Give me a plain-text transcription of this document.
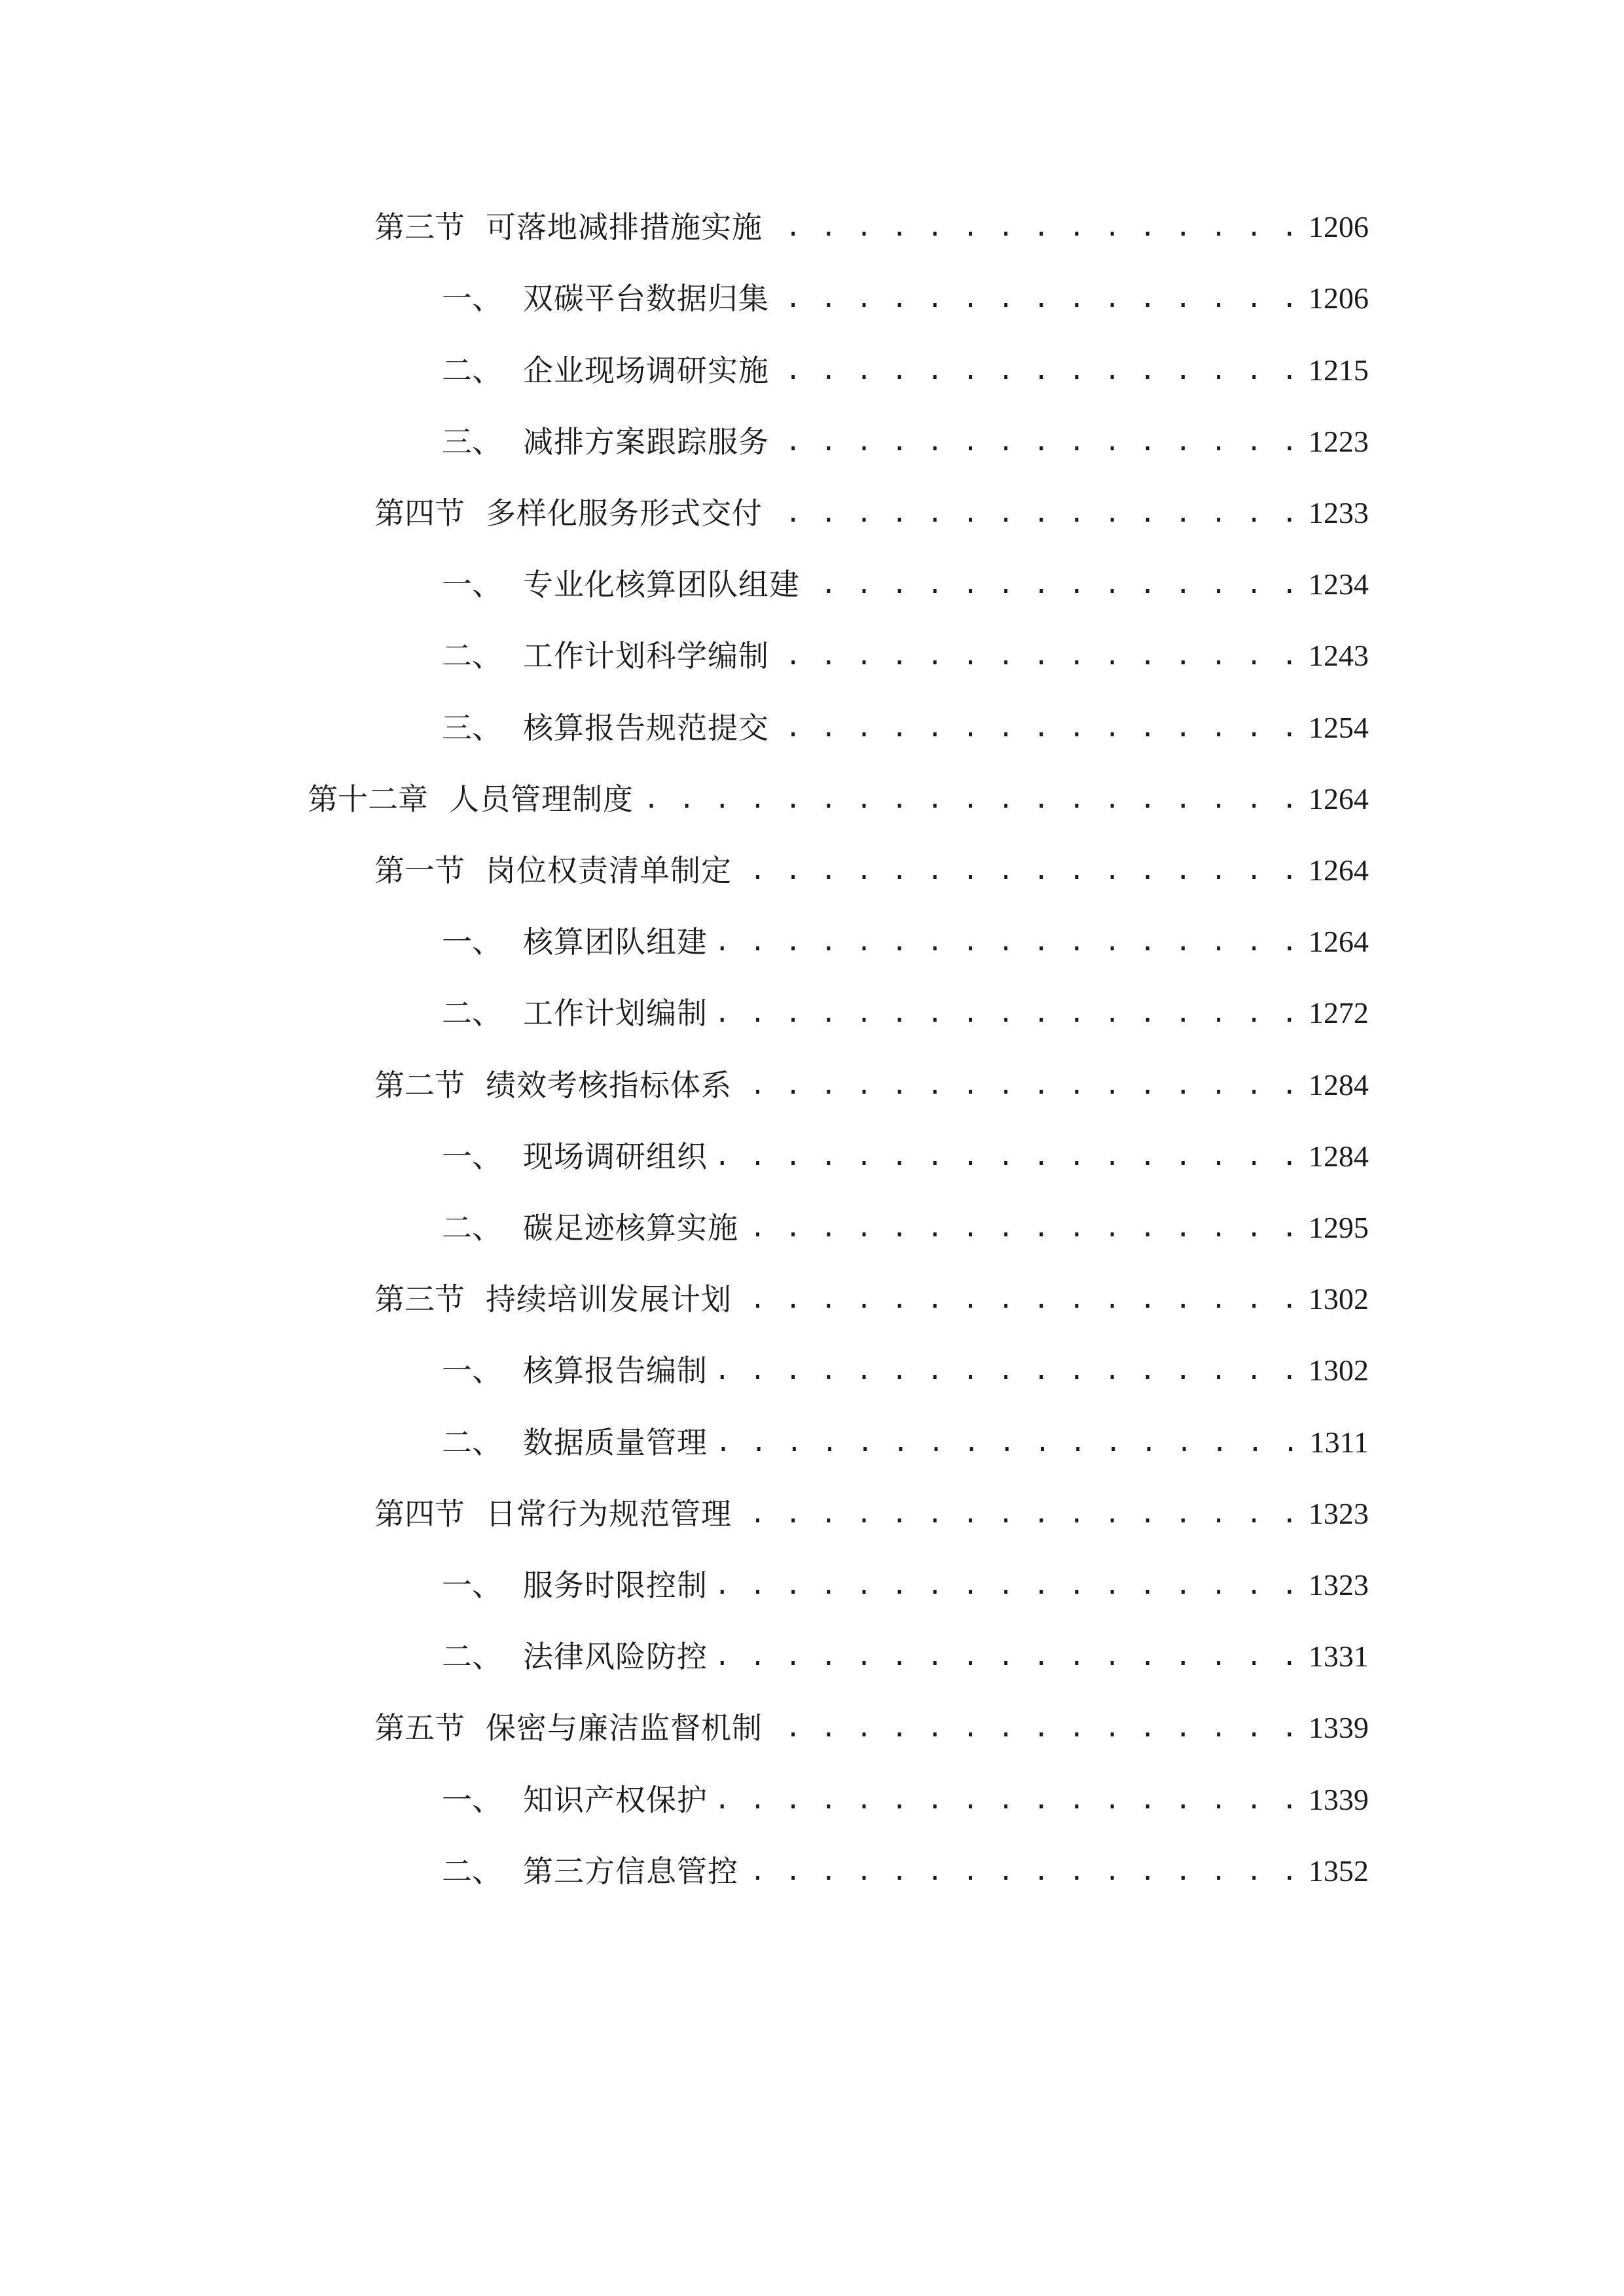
第三节 可落地减排措施实施 . . .	1206
一、 双碳平台数据归集 . . .	1206
二、 企业现场调研实施 . . .	1215
三、 减排方案跟踪服务 . . .	1223
第四节 多样化服务形式交付 . . .	1233
一、 专业化核算团队组建 . . .	1234
二、 工作计划科学编制 . . .	1243
三、 核算报告规范提交 . . .	1254
第十二章 人员管理制度 . . .	1264
第一节 岗位权责清单制定 . . .	1264
一、 核算团队组建 . . .	1264
二、 工作计划编制 . . .	1272
第二节 绩效考核指标体系 . . .	1284
一、 现场调研组织 . . .	1284
二、 碳足迹核算实施 . . .	1295
第三节 持续培训发展计划 . . .	1302
一、 核算报告编制 . . .	1302
二、 数据质量管理 . . .	1311
第四节 日常行为规范管理 . . .	1323
一、 服务时限控制 . . .	1323
二、 法律风险防控 . . .	1331
第五节 保密与廉洁监督机制 . . .	1339
一、 知识产权保护 . . .	1339
二、 第三方信息管控 . . .	1352
